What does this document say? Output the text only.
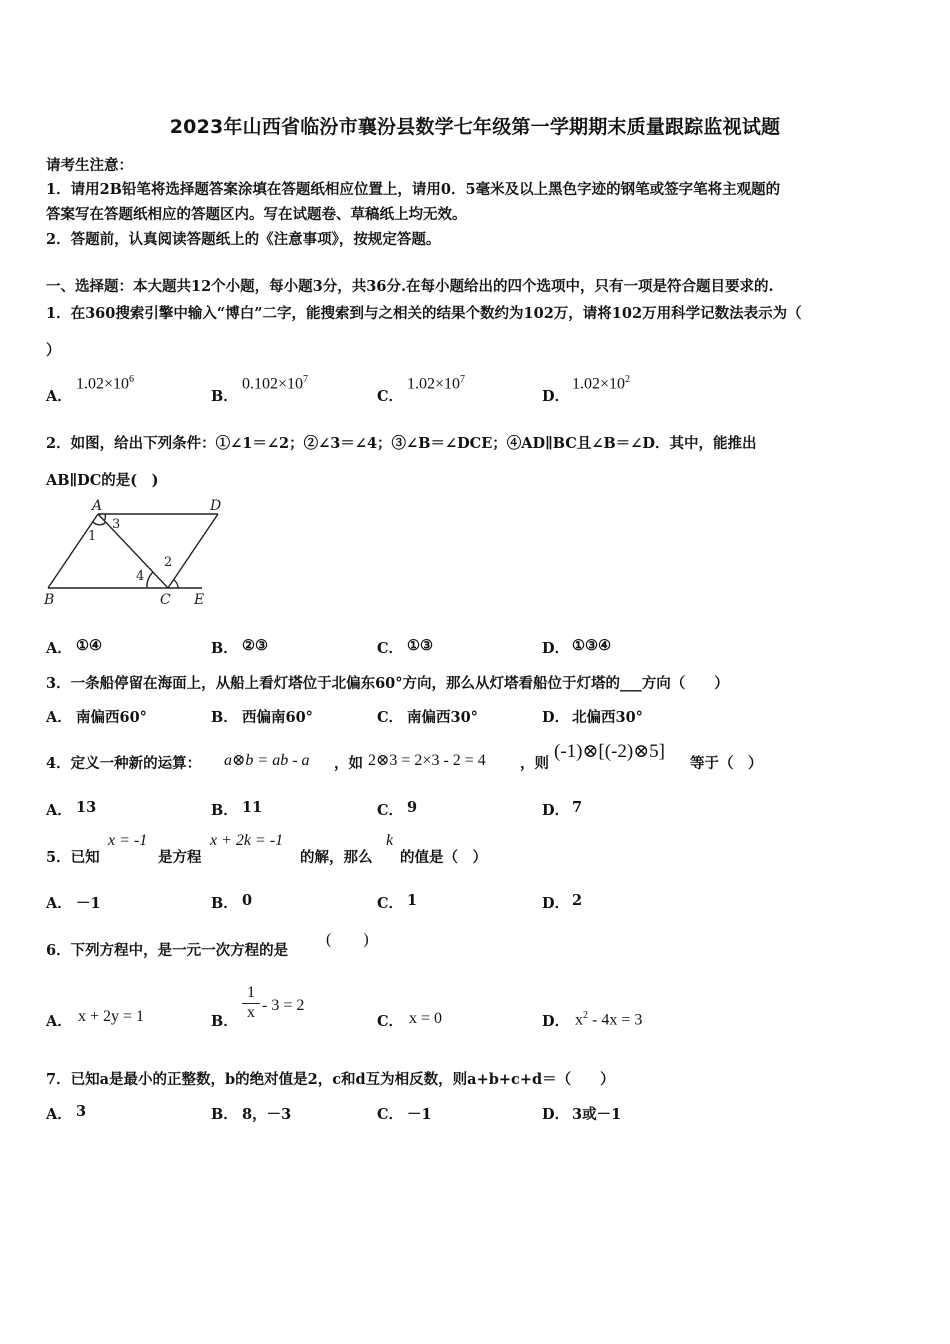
2023年山西省临汾市襄汾县数学七年级第一学期期末质量跟踪监视试题
请考生注意：
1．请用2B铅笔将选择题答案涂填在答题纸相应位置上，请用0．5毫米及以上黑色字迹的钢笔或签字笔将主观题的
答案写在答题纸相应的答题区内。写在试题卷、草稿纸上均无效。
2．答题前，认真阅读答题纸上的《注意事项》，按规定答题。
一、选择题：本大题共12个小题，每小题3分，共36分.在每小题给出的四个选项中，只有一项是符合题目要求的.
1．在360搜索引擎中输入“博白”二字，能搜索到与之相关的结果个数约为102万，请将102万用科学记数法表示为（
）
A．
$1.02\times 10^6$
B．
$0.102\times 10^7$
C．
$1.02\times 10^7$
D．
$1.02\times 10^2$
2．如图，给出下列条件：①∠1＝∠2；②∠3＝∠4；③∠B＝∠DCE；④AD∥BC且∠B＝∠D．其中，能推出
AB∥DC的是(　)
A	D
B	C E
1
3
4
2
A． ①④	B． ②③	C． ①③	D． ①③④
3．一条船停留在海面上，从船上看灯塔位于北偏东60°方向，那么从灯塔看船位于灯塔的___方向（　　）
A． 南偏西60°	B． 西偏南60°	C． 南偏西30°	D． 北偏西30°
4．定义一种新的运算： a⊗b = ab - a ，如 2⊗3 = 2×3 - 2 = 4 ，则
(-1)⊗[(-2)⊗5]
等于（　）
A． 13	B． 11	C． 9	D． 7
5．已知
x = -1
是方程
x + 2k = -1
的解，那么
k
的值是（　）
A． －1	B． 0	C． 1	D． 2
6．下列方程中，是一元一次方程的是
(　　)
A． x + 2y = 1	B．
1
x - 3 = 2
C． x = 0	D． $x^2 - 4x = 3$
7．已知a是最小的正整数，b的绝对值是2，c和d互为相反数，则a+b+c+d＝（　　）
A． 3	B． 8，－3	C． －1	D． 3或－1
